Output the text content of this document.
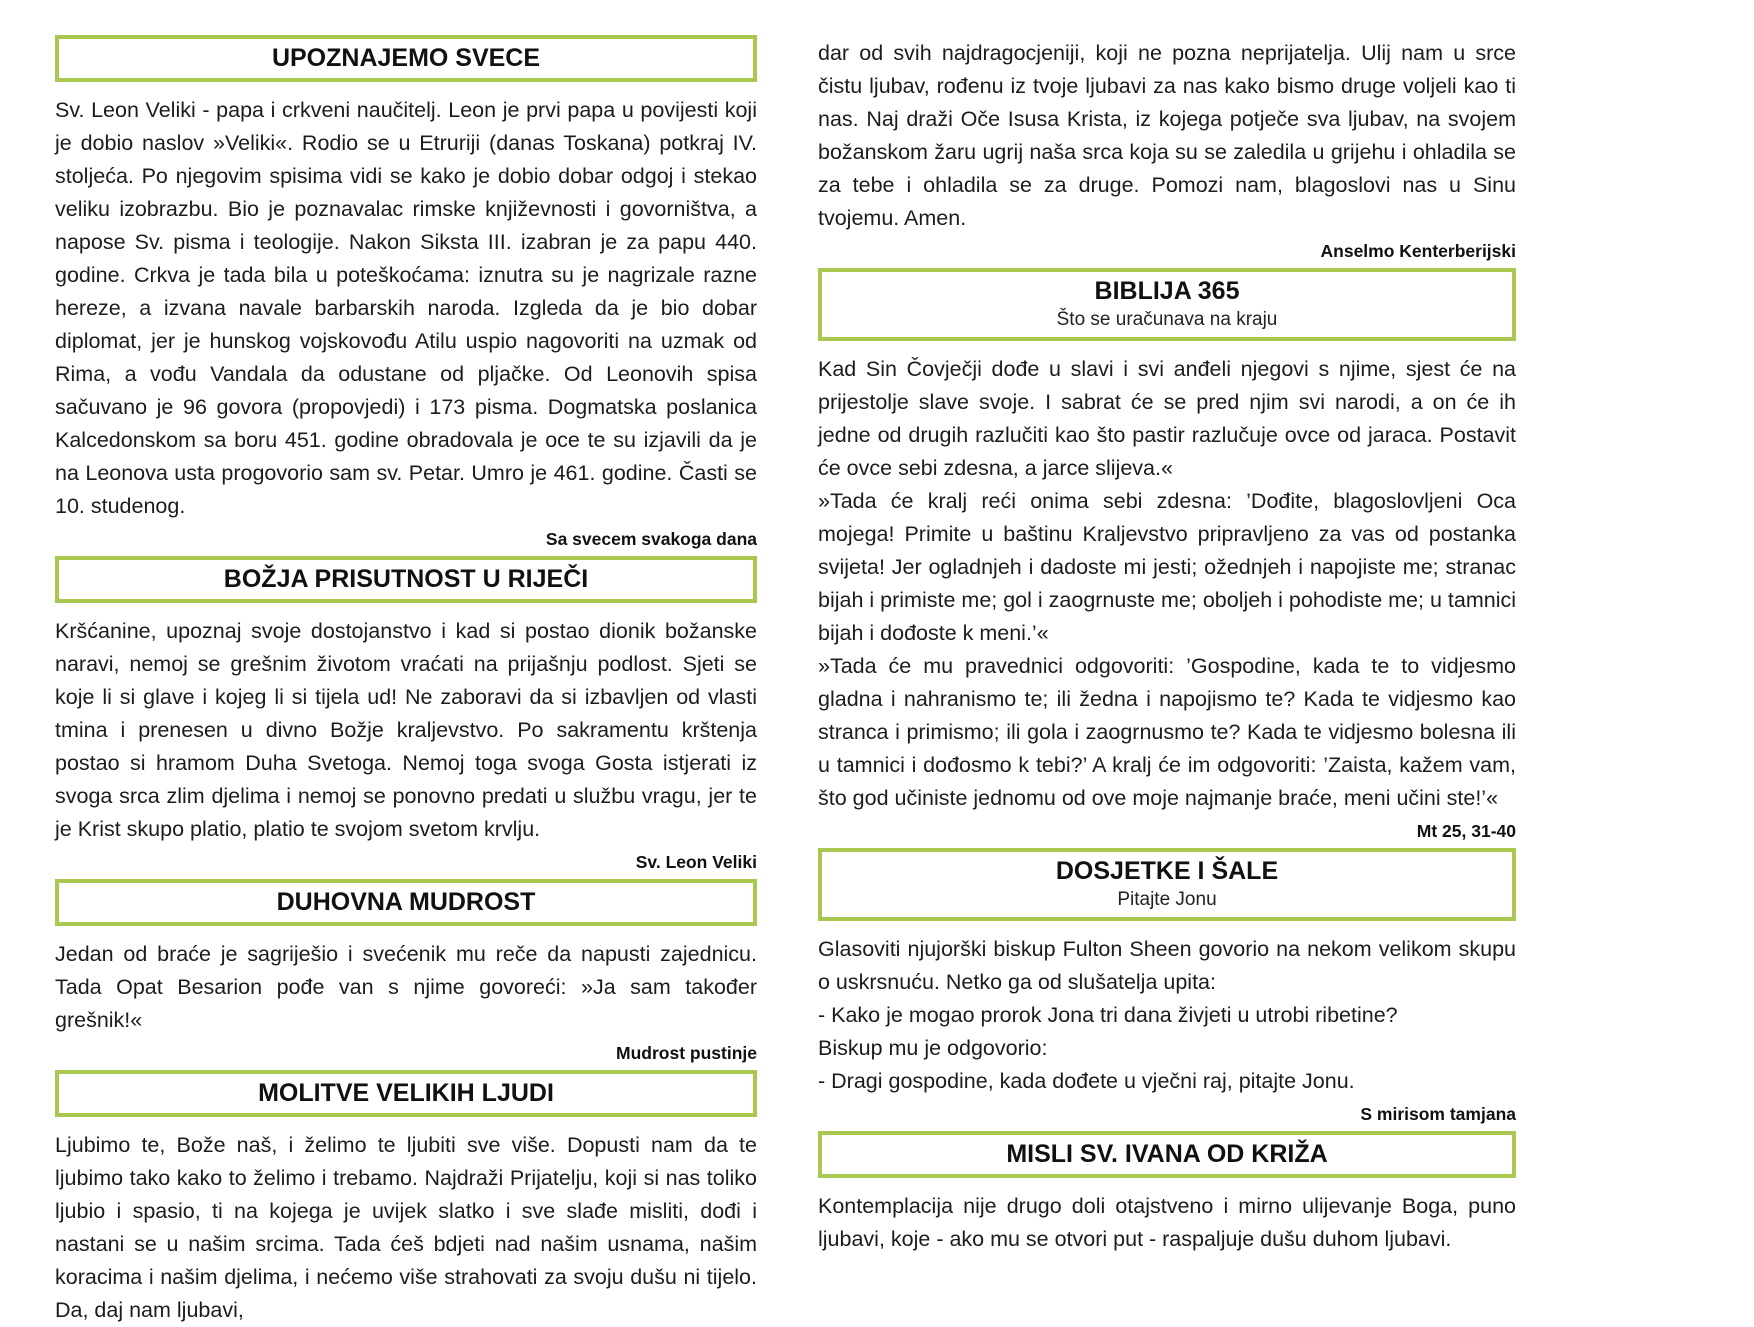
UPOZNAJEMO SVECE

Sv. Leon Veliki - papa i crkveni naučitelj. Leon je prvi papa u povijesti koji je dobio naslov »Veliki«. Rodio se u Etruriji (danas Toskana) potkraj IV. stoljeća. Po njegovim spisima vidi se kako je dobio dobar odgoj i stekao veliku izobrazbu. Bio je poznavalac rimske književnosti i govorništva, a napose Sv. pisma i teologije. Nakon Siksta III. izabran je za papu 440. godine. Crkva je tada bila u poteškoćama: iznutra su je nagrizale razne hereze, a izvana navale barbarskih naroda. Izgleda da je bio dobar diplomat, jer je hunskog vojskovođu Atilu uspio nagovoriti na uzmak od Rima, a vođu Vandala da odustane od pljačke. Od Leonovih spisa sačuvano je 96 govora (propovjedi) i 173 pisma. Dogmatska poslanica Kalcedonskom sa boru 451. godine obradovala je oce te su izjavili da je na Leonova usta progovorio sam sv. Petar. Umro je 461. godine. Časti se 10. studenog.

Sa svecem svakoga dana
BOŽJA PRISUTNOST U RIJEČI

Kršćanine, upoznaj svoje dostojanstvo i kad si postao dionik božanske naravi, nemoj se grešnim životom vraćati na prijašnju podlost. Sjeti se koje li si glave i kojeg li si tijela ud! Ne zaboravi da si izbavljen od vlasti tmina i prenesen u divno Božje kraljevstvo. Po sakramentu krštenja postao si hramom Duha Svetoga. Nemoj toga svoga Gosta istjerati iz svoga srca zlim djelima i nemoj se ponovno predati u službu vragu, jer te je Krist skupo platio, platio te svojom svetom krvlju.

Sv. Leon Veliki
DUHOVNA MUDROST

Jedan od braće je sagriješio i svećenik mu reče da napusti zajednicu. Tada Opat Besarion pođe van s njime govoreći: »Ja sam također grešnik!«

Mudrost pustinje
MOLITVE VELIKIH LJUDI

Ljubimo te, Bože naš, i želimo te ljubiti sve više. Dopusti nam da te ljubimo tako kako to želimo i trebamo. Najdraži Prijatelju, koji si nas toliko ljubio i spasio, ti na kojega je uvijek slatko i sve slađe misliti, dođi i nastani se u našim srcima. Tada ćeš bdjeti nad našim usnama, našim koracima i našim djelima, i nećemo više strahovati za svoju dušu ni tijelo. Da, daj nam ljubavi,

dar od svih najdragocjeniji, koji ne pozna neprijatelja. Ulij nam u srce čistu ljubav, rođenu iz tvoje ljubavi za nas kako bismo druge voljeli kao ti nas. Naj draži Oče Isusa Krista, iz kojega potječe sva ljubav, na svojem božanskom žaru ugrij naša srca koja su se zaledila u grijehu i ohladila se za tebe i ohladila se za druge. Pomozi nam, blagoslovi nas u Sinu tvojemu. Amen.

Anselmo Kenterberijski
BIBLIJA 365
Što se uračunava na kraju

Kad Sin Čovječji dođe u slavi i svi anđeli njegovi s njime, sjest će na prijestolje slave svoje. I sabrat će se pred njim svi narodi, a on će ih jedne od drugih razlučiti kao što pastir razlučuje ovce od jaraca. Postavit će ovce sebi zdesna, a jarce slijeva.«

»Tada će kralj reći onima sebi zdesna: ’Dođite, blagoslovljeni Oca mojega! Primite u baštinu Kraljevstvo pripravljeno za vas od postanka svijeta! Jer ogladnjeh i dadoste mi jesti; ožednjeh i napojiste me; stranac bijah i primiste me; gol i zaogrnuste me; oboljeh i pohodiste me; u tamnici bijah i dođoste k meni.’«

»Tada će mu pravednici odgovoriti: ’Gospodine, kada te to vidjesmo gladna i nahranismo te; ili žedna i napojismo te? Kada te vidjesmo kao stranca i primismo; ili gola i zaogrnusmo te? Kada te vidjesmo bolesna ili u tamnici i dođosmo k tebi?’ A kralj će im odgovoriti: ’Zaista, kažem vam, što god učiniste jednomu od ove moje najmanje braće, meni učini ste!’«

Mt 25, 31-40
DOSJETKE I ŠALE
Pitajte Jonu

Glasoviti njujorški biskup Fulton Sheen govorio na nekom velikom skupu o uskrsnuću. Netko ga od slušatelja upita:

- Kako je mogao prorok Jona tri dana živjeti u utrobi ribetine?

Biskup mu je odgovorio:

- Dragi gospodine, kada dođete u vječni raj, pitajte Jonu.

S mirisom tamjana
MISLI SV. IVANA OD KRIŽA

Kontemplacija nije drugo doli otajstveno i mirno ulijevanje Boga, puno ljubavi, koje - ako mu se otvori put - raspaljuje dušu duhom ljubavi.
